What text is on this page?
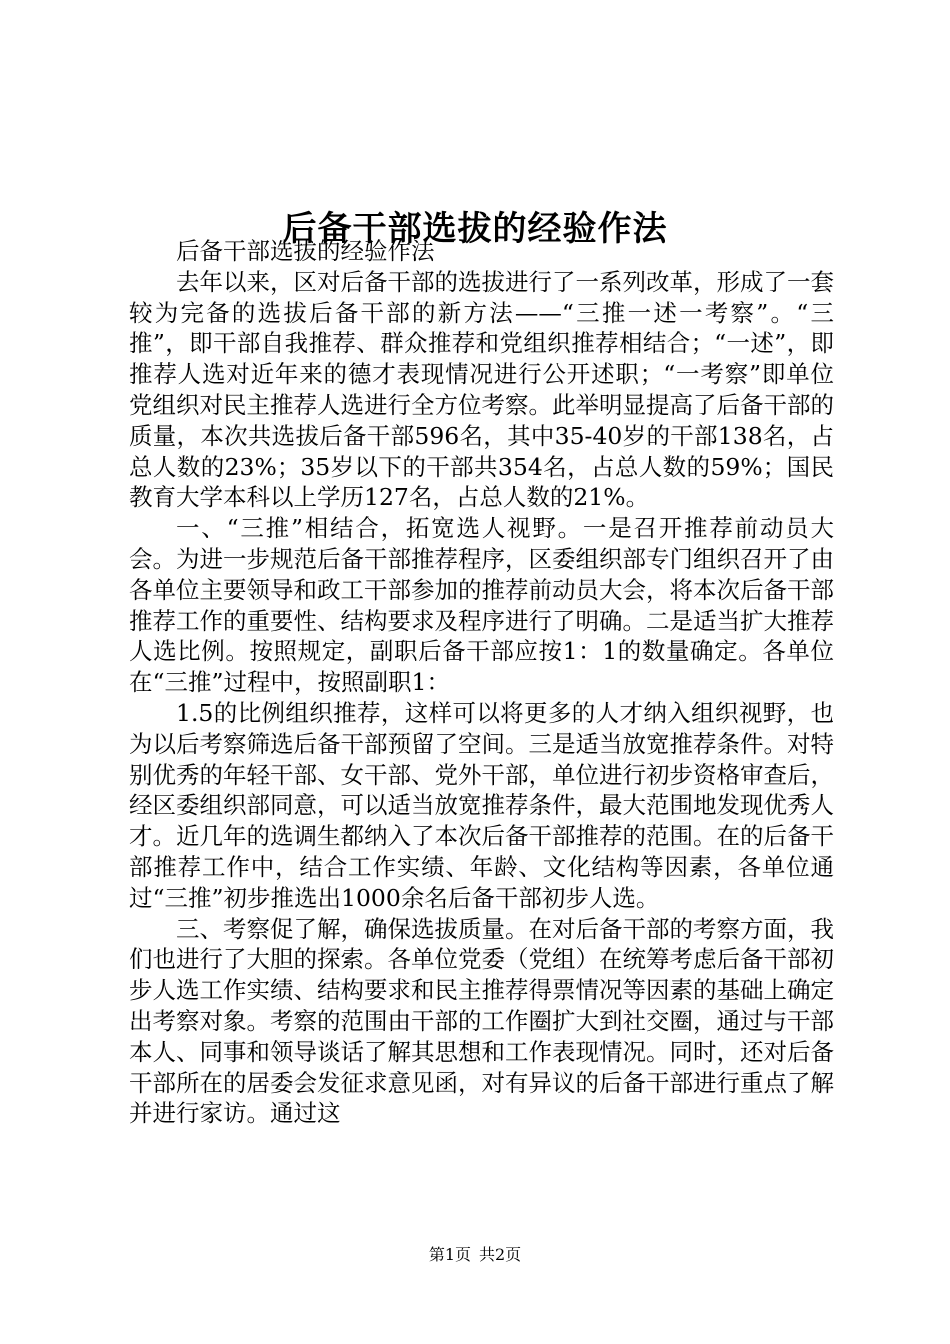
后备干部选拔的经验作法

后备干部选拔的经验作法

去年以来，区对后备干部的选拔进行了一系列改革，形成了一套较为完备的选拔后备干部的新方法——“三推一述一考察”。“三推”，即干部自我推荐、群众推荐和党组织推荐相结合；“一述”，即推荐人选对近年来的德才表现情况进行公开述职；“一考察”即单位党组织对民主推荐人选进行全方位考察。此举明显提高了后备干部的质量，本次共选拔后备干部596名，其中35-40岁的干部138名，占总人数的23%；35岁以下的干部共354名，占总人数的59%；国民教育大学本科以上学历127名，占总人数的21%。

一、“三推”相结合，拓宽选人视野。一是召开推荐前动员大会。为进一步规范后备干部推荐程序，区委组织部专门组织召开了由各单位主要领导和政工干部参加的推荐前动员大会，将本次后备干部推荐工作的重要性、结构要求及程序进行了明确。二是适当扩大推荐人选比例。按照规定，副职后备干部应按1：1的数量确定。各单位在“三推”过程中，按照副职1：

1.5的比例组织推荐，这样可以将更多的人才纳入组织视野，也为以后考察筛选后备干部预留了空间。三是适当放宽推荐条件。对特别优秀的年轻干部、女干部、党外干部，单位进行初步资格审查后，经区委组织部同意，可以适当放宽推荐条件，最大范围地发现优秀人才。近几年的选调生都纳入了本次后备干部推荐的范围。在的后备干部推荐工作中，结合工作实绩、年龄、文化结构等因素，各单位通过“三推”初步推选出1000余名后备干部初步人选。

三、考察促了解，确保选拔质量。在对后备干部的考察方面，我们也进行了大胆的探索。各单位党委（党组）在统筹考虑后备干部初步人选工作实绩、结构要求和民主推荐得票情况等因素的基础上确定出考察对象。考察的范围由干部的工作圈扩大到社交圈，通过与干部本人、同事和领导谈话了解其思想和工作表现情况。同时，还对后备干部所在的居委会发征求意见函，对有异议的后备干部进行重点了解并进行家访。通过这

第1页 共2页
